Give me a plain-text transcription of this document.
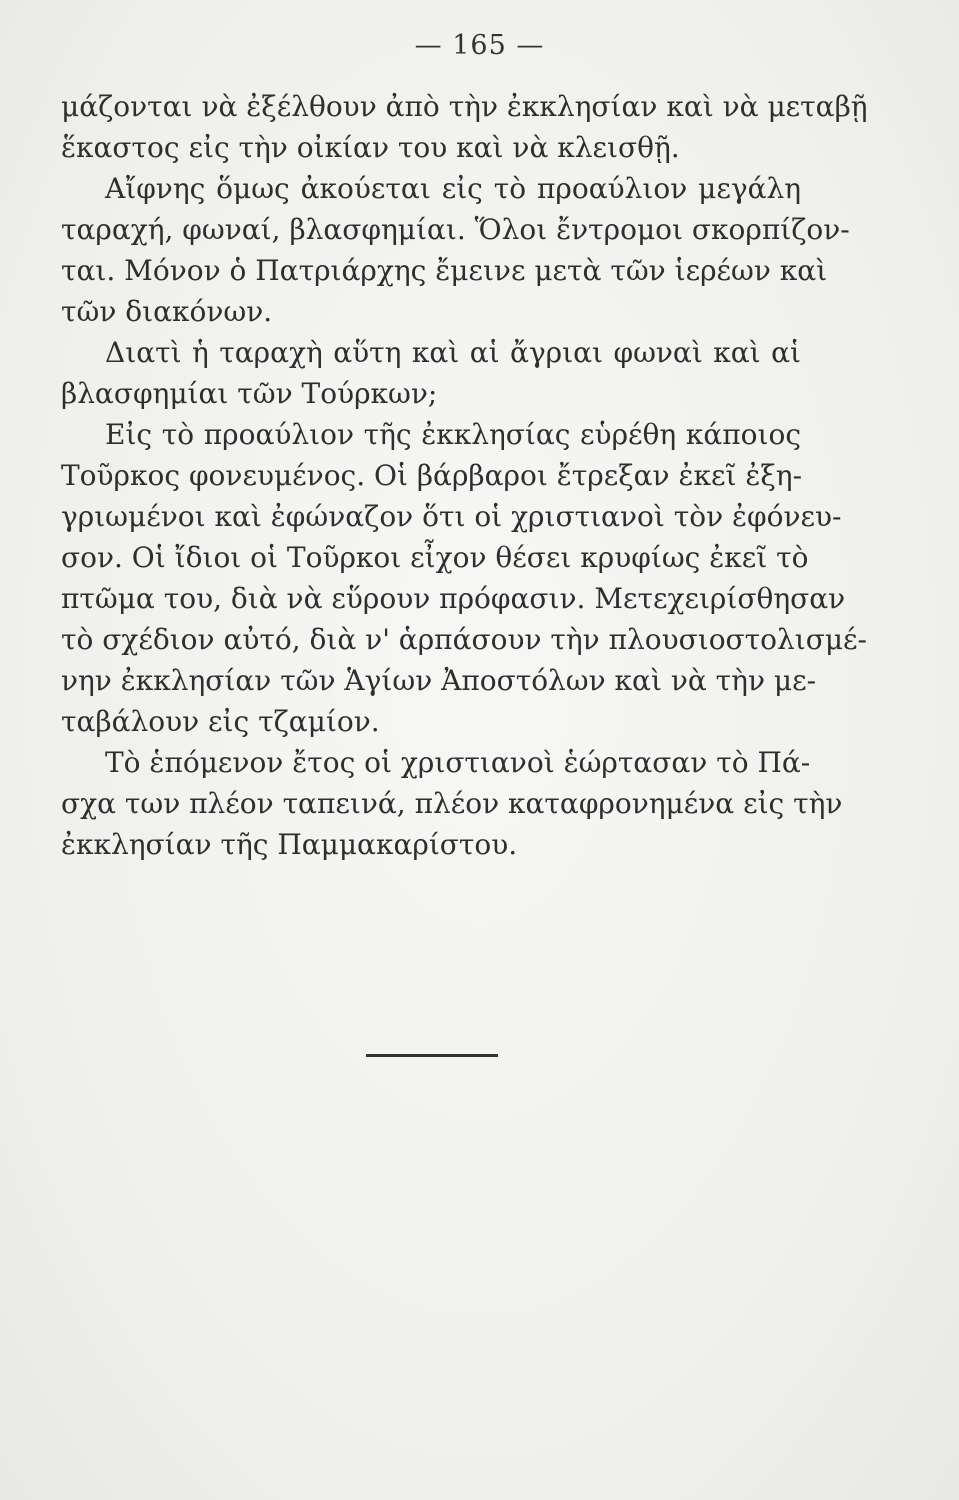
— 165 —
μάζονται νὰ ἐξέλθουν ἀπὸ τὴν ἐκκλησίαν καὶ νὰ μεταβῇ
ἕκαστος εἰς τὴν οἰκίαν του καὶ νὰ κλεισθῇ.
Αἴφνης ὅμως ἀκούεται εἰς τὸ προαύλιον μεγάλη
ταραχή, φωναί, βλασφημίαι. Ὅλοι ἔντρομοι σκορπίζον-
ται. Μόνον ὁ Πατριάρχης ἔμεινε μετὰ τῶν ἱερέων καὶ
τῶν διακόνων.
Διατὶ ἡ ταραχὴ αὕτη καὶ αἱ ἄγριαι φωναὶ καὶ αἱ
βλασφημίαι τῶν Τούρκων;
Εἰς τὸ προαύλιον τῆς ἐκκλησίας εὑρέθη κάποιος
Τοῦρκος φονευμένος. Οἱ βάρβαροι ἔτρεξαν ἐκεῖ ἐξη-
γριωμένοι καὶ ἐφώναζον ὅτι οἱ χριστιανοὶ τὸν ἐφόνευ-
σον. Οἱ ἴδιοι οἱ Τοῦρκοι εἶχον θέσει κρυφίως ἐκεῖ τὸ
πτῶμα του, διὰ νὰ εὕρουν πρόφασιν. Μετεχειρίσθησαν
τὸ σχέδιον αὐτό, διὰ ν' ἁρπάσουν τὴν πλουσιοστολισμέ-
νην ἐκκλησίαν τῶν Ἁγίων Ἀποστόλων καὶ νὰ τὴν με-
ταβάλουν εἰς τζαμίον.
Τὸ ἑπόμενον ἔτος οἱ χριστιανοὶ ἑώρτασαν τὸ Πά-
σχα των πλέον ταπεινά, πλέον καταφρονημένα εἰς τὴν
ἐκκλησίαν τῆς Παμμακαρίστου.
